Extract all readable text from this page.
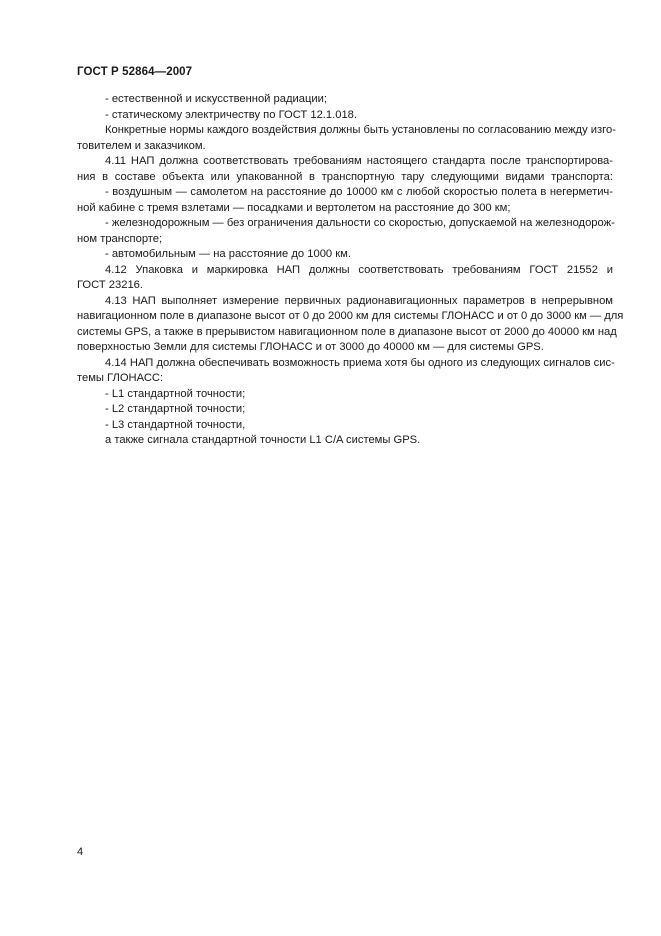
ГОСТ Р 52864—2007
- естественной и искусственной радиации;
- статическому электричеству по ГОСТ 12.1.018.
Конкретные нормы каждого воздействия должны быть установлены по согласованию между изго-
товителем и заказчиком.
4.11 НАП должна соответствовать требованиям настоящего стандарта после транспортирова-
ния в составе объекта или упакованной в транспортную тару следующими видами транспорта:
- воздушным — самолетом на расстояние до 10000 км с любой скоростью полета в негерметич-
ной кабине с тремя взлетами — посадками и вертолетом на расстояние до 300 км;
- железнодорожным — без ограничения дальности со скоростью, допускаемой на железнодорож-
ном транспорте;
- автомобильным — на расстояние до 1000 км.
4.12 Упаковка и маркировка НАП должны соответствовать требованиям ГОСТ 21552 и
ГОСТ 23216.
4.13 НАП выполняет измерение первичных радионавигационных параметров в непрерывном
навигационном поле в диапазоне высот от 0 до 2000 км для системы ГЛОНАСС и от 0 до 3000 км — для
системы GPS, а также в прерывистом навигационном поле в диапазоне высот от 2000 до 40000 км над
поверхностью Земли для системы ГЛОНАСС и от 3000 до 40000 км — для системы GPS.
4.14 НАП должна обеспечивать возможность приема хотя бы одного из следующих сигналов сис-
темы ГЛОНАСС:
- L1 стандартной точности;
- L2 стандартной точности;
- L3 стандартной точности,
а также сигнала стандартной точности L1 C/A системы GPS.
4
